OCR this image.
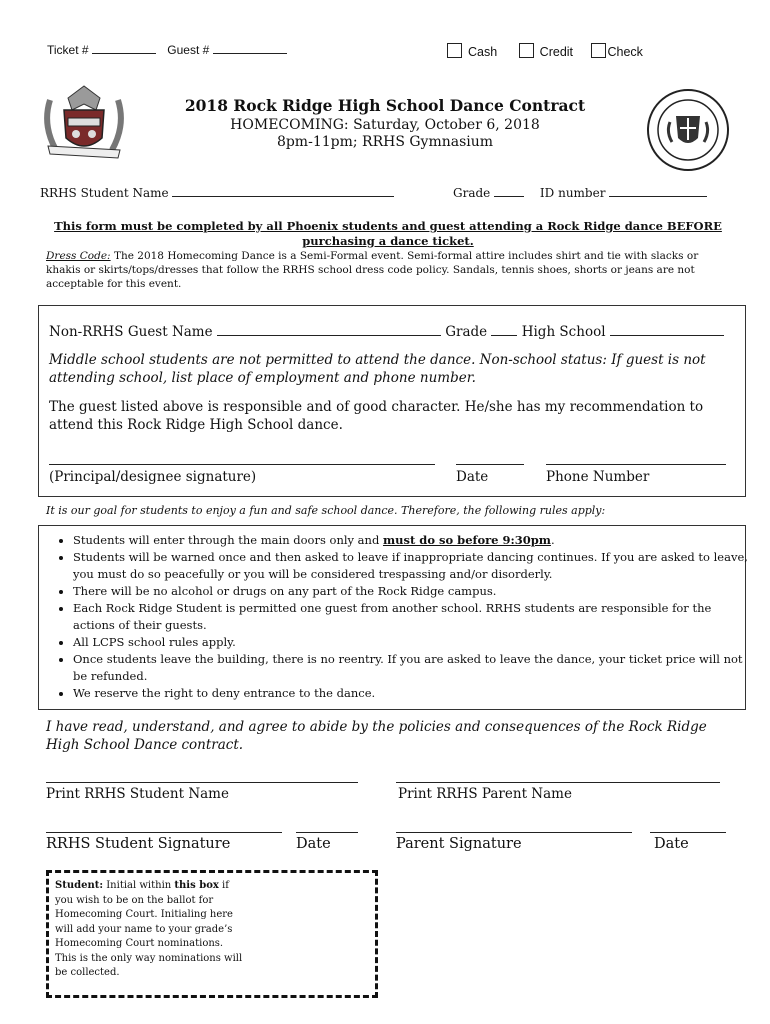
Ticket #	Guest #	Cash	Credit	Check
2018 Rock Ridge High School Dance Contract
HOMECOMING: Saturday, October 6, 2018
8pm-11pm; RRHS Gymnasium
RRHS Student Name	Grade	ID number
This form must be completed by all Phoenix students and guest attending a Rock Ridge dance BEFORE purchasing a dance ticket.
Dress Code: The 2018 Homecoming Dance is a Semi-Formal event. Semi-formal attire includes shirt and tie with slacks or khakis or skirts/tops/dresses that follow the RRHS school dress code policy. Sandals, tennis shoes, shorts or jeans are not acceptable for this event.
Non-RRHS Guest Name	Grade	High School
Middle school students are not permitted to attend the dance. Non-school status: If guest is not attending school, list place of employment and phone number.
The guest listed above is responsible and of good character. He/she has my recommendation to attend this Rock Ridge High School dance.
(Principal/designee signature)	Date	Phone Number
It is our goal for students to enjoy a fun and safe school dance. Therefore, the following rules apply:
• Students will enter through the main doors only and must do so before 9:30pm.
• Students will be warned once and then asked to leave if inappropriate dancing continues. If you are asked to leave, you must do so peacefully or you will be considered trespassing and/or disorderly.
• There will be no alcohol or drugs on any part of the Rock Ridge campus.
• Each Rock Ridge Student is permitted one guest from another school. RRHS students are responsible for the actions of their guests.
• All LCPS school rules apply.
• Once students leave the building, there is no reentry. If you are asked to leave the dance, your ticket price will not be refunded.
• We reserve the right to deny entrance to the dance.
I have read, understand, and agree to abide by the policies and consequences of the Rock Ridge High School Dance contract.
Print RRHS Student Name	Print RRHS Parent Name
RRHS Student Signature	Date	Parent Signature	Date
Student: Initial within this box if you wish to be on the ballot for Homecoming Court. Initialing here will add your name to your grade’s Homecoming Court nominations. This is the only way nominations will be collected.
